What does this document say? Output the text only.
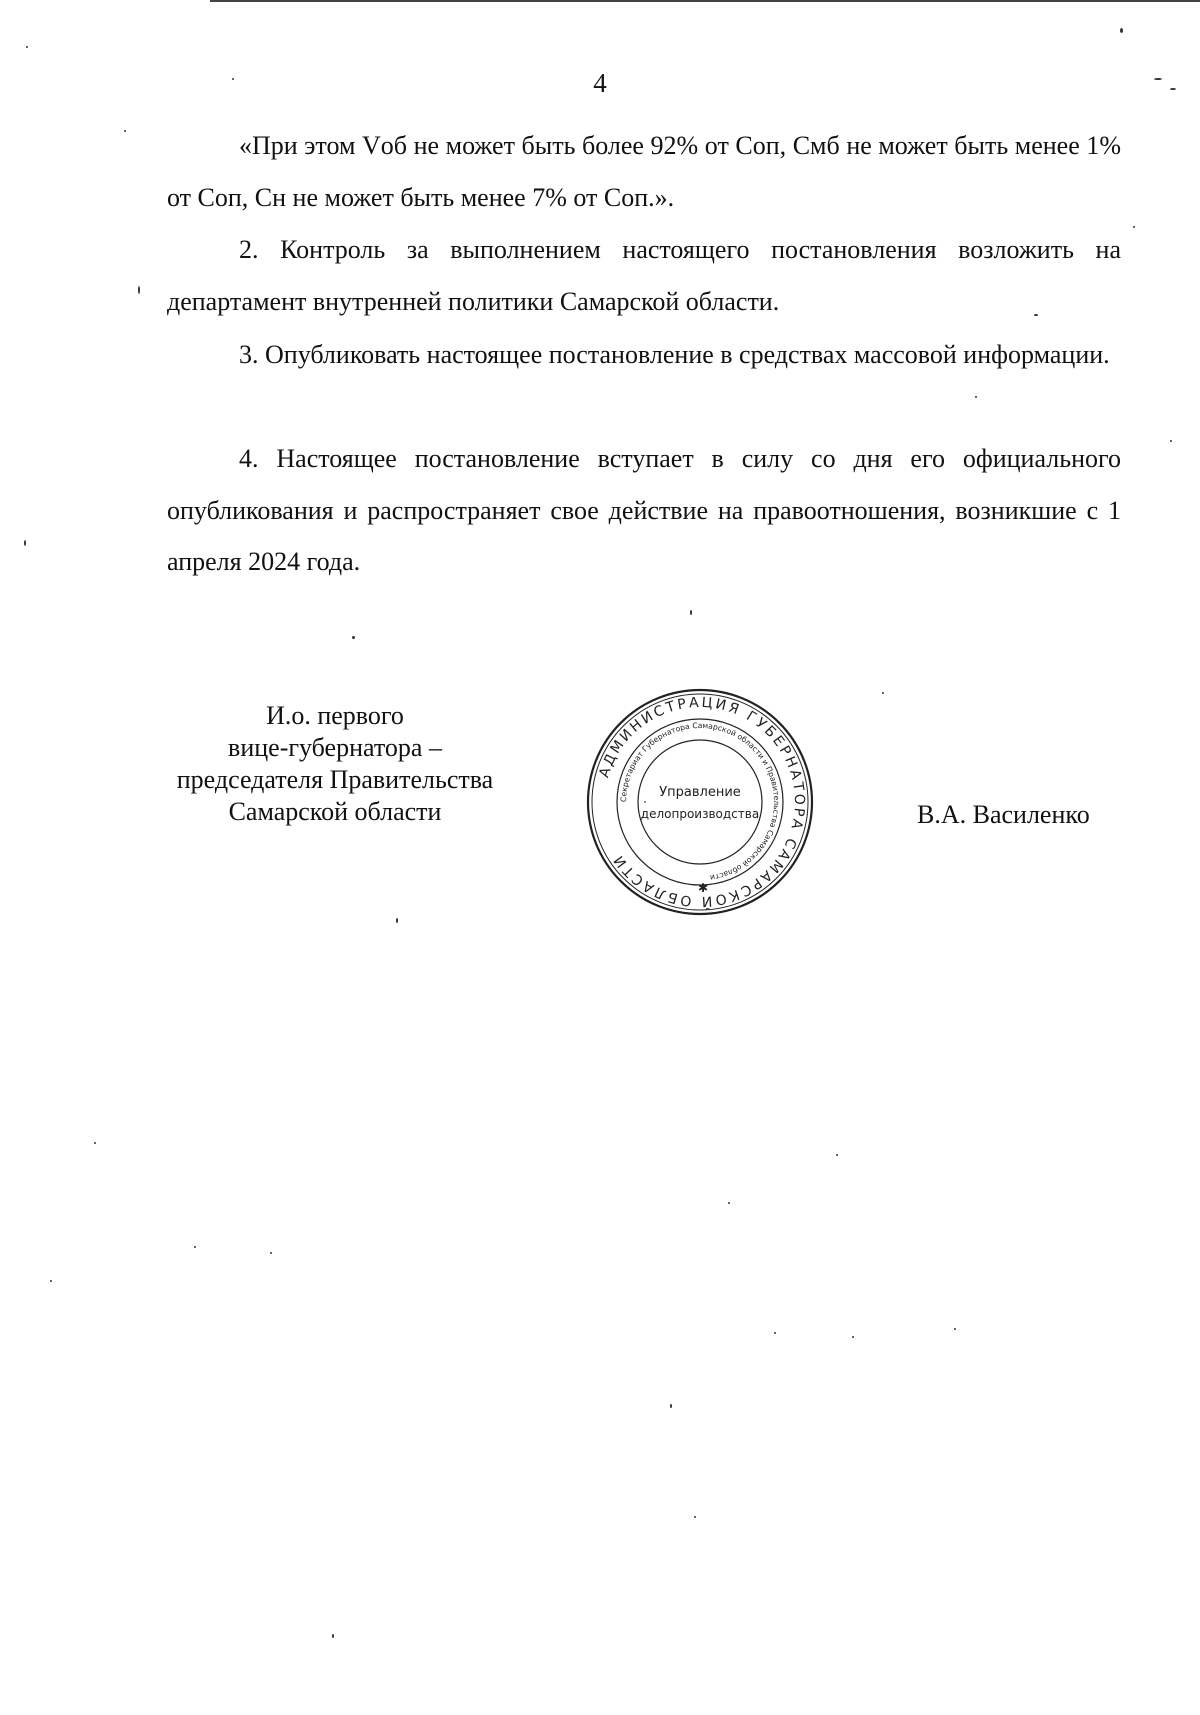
4

«При этом Vоб не может быть более 92% от Соп, Смб не может быть менее 1% от Соп, Сн не может быть менее 7% от Соп.».

2. Контроль за выполнением настоящего постановления возложить на департамент внутренней политики Самарской области.

3. Опубликовать настоящее постановление в средствах массовой информации.

4. Настоящее постановление вступает в силу со дня его официального опубликования и распространяет свое действие на правоотношения, возникшие с 1 апреля 2024 года.

И.о. первого
вице-губернатора –
председателя Правительства
Самарской области
АДМИНИСТРАЦИЯ ГУБЕРНАТОРА САМАРСКОЙ ОБЛАСТИ
Секретариат Губернатора Самарской области и Правительства Самарской области
Управление
делопроизводства
✱
В.А. Василенко
